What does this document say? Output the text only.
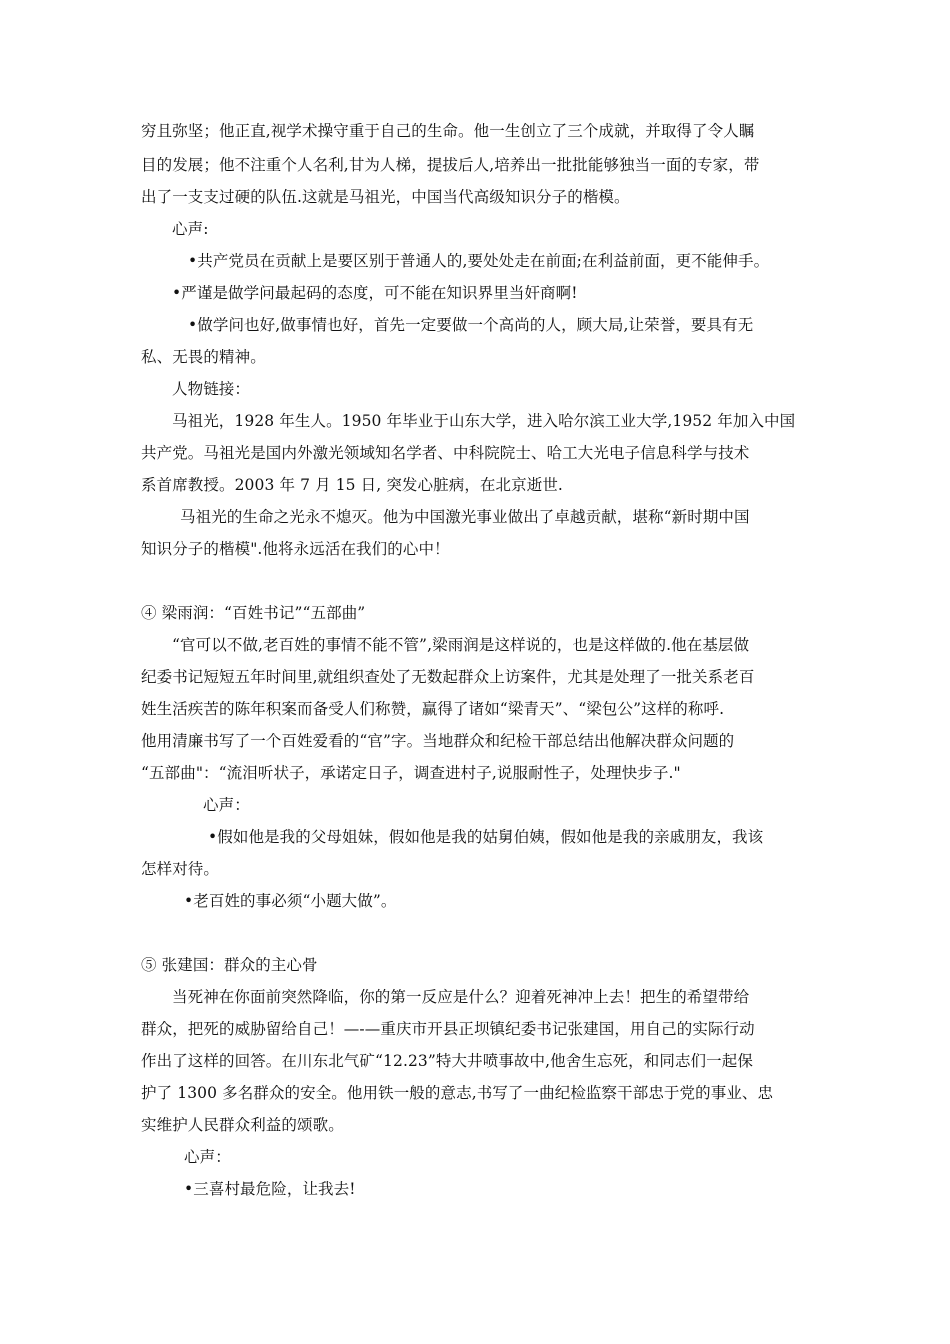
穷且弥坚；他正直,视学术操守重于自己的生命。他一生创立了三个成就，并取得了令人瞩
目的发展；他不注重个人名利,甘为人梯，提拔后人,培养出一批批能够独当一面的专家，带
出了一支支过硬的队伍.这就是马祖光，中国当代高级知识分子的楷模。
心声:
•共产党员在贡献上是要区别于普通人的,要处处走在前面;在利益前面，更不能伸手。
•严谨是做学问最起码的态度，可不能在知识界里当奸商啊!
•做学问也好,做事情也好，首先一定要做一个高尚的人，顾大局,让荣誉，要具有无
私、无畏的精神。
人物链接：
马祖光，1928 年生人。1950 年毕业于山东大学，进入哈尔滨工业大学,1952 年加入中国
共产党。马祖光是国内外激光领域知名学者、中科院院士、哈工大光电子信息科学与技术
系首席教授。2003 年 7 月 15 日, 突发心脏病，在北京逝世.
马祖光的生命之光永不熄灭。他为中国激光事业做出了卓越贡献，堪称“新时期中国
知识分子的楷模".他将永远活在我们的心中！
④ 梁雨润：“百姓书记”“五部曲”
“官可以不做,老百姓的事情不能不管”,梁雨润是这样说的，也是这样做的.他在基层做
纪委书记短短五年时间里,就组织查处了无数起群众上访案件，尤其是处理了一批关系老百
姓生活疾苦的陈年积案而备受人们称赞，赢得了诸如“梁青天”、“梁包公”这样的称呼.
他用清廉书写了一个百姓爱看的“官”字。当地群众和纪检干部总结出他解决群众问题的
“五部曲"：“流泪听状子，承诺定日子，调查进村子,说服耐性子，处理快步子."
心声：
•假如他是我的父母姐妹，假如他是我的姑舅伯姨，假如他是我的亲戚朋友，我该
怎样对待。
•老百姓的事必须“小题大做”。
⑤ 张建国：群众的主心骨
当死神在你面前突然降临，你的第一反应是什么？迎着死神冲上去！把生的希望带给
群众，把死的威胁留给自己！—-—重庆市开县正坝镇纪委书记张建国，用自己的实际行动
作出了这样的回答。在川东北气矿“12.23”特大井喷事故中,他舍生忘死，和同志们一起保
护了 1300 多名群众的安全。他用铁一般的意志,书写了一曲纪检监察干部忠于党的事业、忠
实维护人民群众利益的颂歌。
心声：
•三喜村最危险，让我去!
